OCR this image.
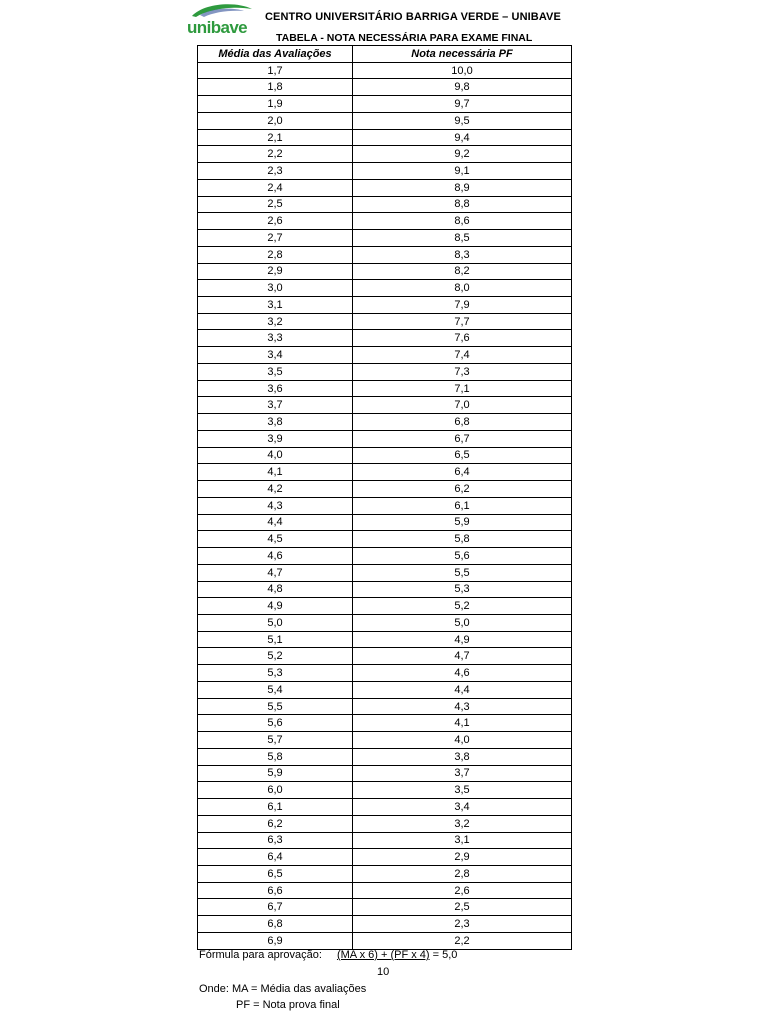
unibave
CENTRO UNIVERSITÁRIO BARRIGA VERDE – UNIBAVE
TABELA - NOTA NECESSÁRIA PARA EXAME FINAL
Média das Avaliações	Nota necessária PF
1,7	10,0
1,8	9,8
1,9	9,7
2,0	9,5
2,1	9,4
2,2	9,2
2,3	9,1
2,4	8,9
2,5	8,8
2,6	8,6
2,7	8,5
2,8	8,3
2,9	8,2
3,0	8,0
3,1	7,9
3,2	7,7
3,3	7,6
3,4	7,4
3,5	7,3
3,6	7,1
3,7	7,0
3,8	6,8
3,9	6,7
4,0	6,5
4,1	6,4
4,2	6,2
4,3	6,1
4,4	5,9
4,5	5,8
4,6	5,6
4,7	5,5
4,8	5,3
4,9	5,2
5,0	5,0
5,1	4,9
5,2	4,7
5,3	4,6
5,4	4,4
5,5	4,3
5,6	4,1
5,7	4,0
5,8	3,8
5,9	3,7
6,0	3,5
6,1	3,4
6,2	3,2
6,3	3,1
6,4	2,9
6,5	2,8
6,6	2,6
6,7	2,5
6,8	2,3
6,9	2,2
Fórmula para aprovação: (MA x 6) + (PF x 4) = 5,0
10
Onde: MA = Média das avaliações
PF = Nota prova final
